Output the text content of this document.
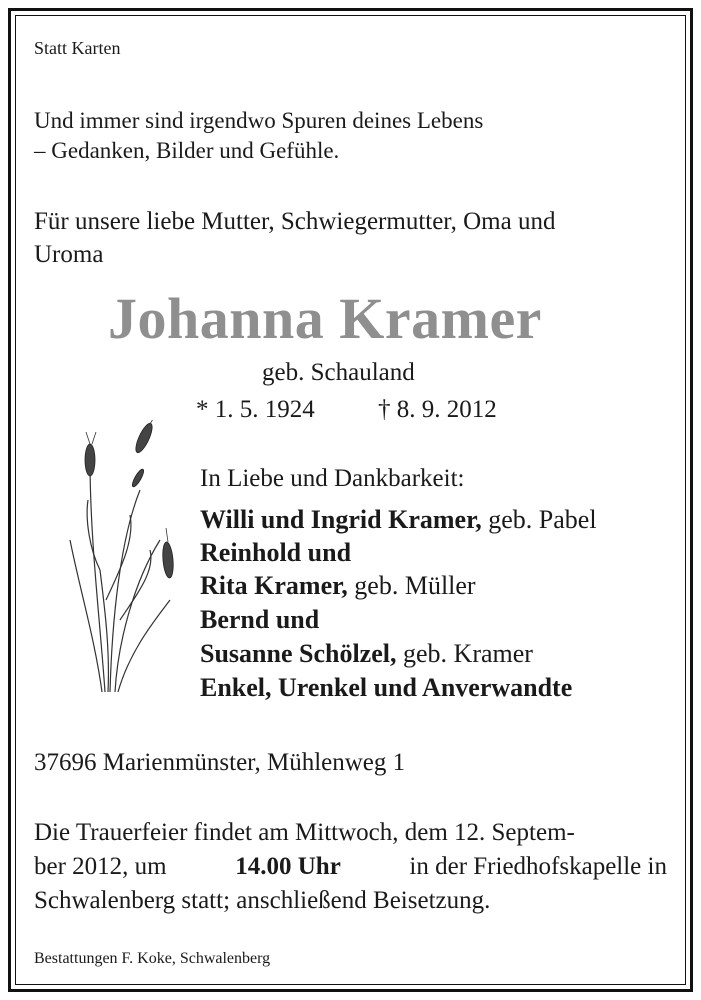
Statt Karten
Und immer sind irgendwo Spuren deines Lebens
– Gedanken, Bilder und Gefühle.
Für unsere liebe Mutter, Schwiegermutter, Oma und
Uroma
Johanna Kramer
geb. Schauland
* 1. 5. 1924	† 8. 9. 2012
In Liebe und Dankbarkeit:
Willi und Ingrid Kramer, geb. Pabel
Reinhold und
Rita Kramer, geb. Müller
Bernd und
Susanne Schölzel, geb. Kramer
Enkel, Urenkel und Anverwandte
37696 Marienmünster, Mühlenweg 1
Die Trauerfeier findet am Mittwoch, dem 12. Septem-
ber 2012, um	14.00 Uhr	in der Friedhofskapelle in
Schwalenberg statt; anschließend Beisetzung.
Bestattungen F. Koke, Schwalenberg
